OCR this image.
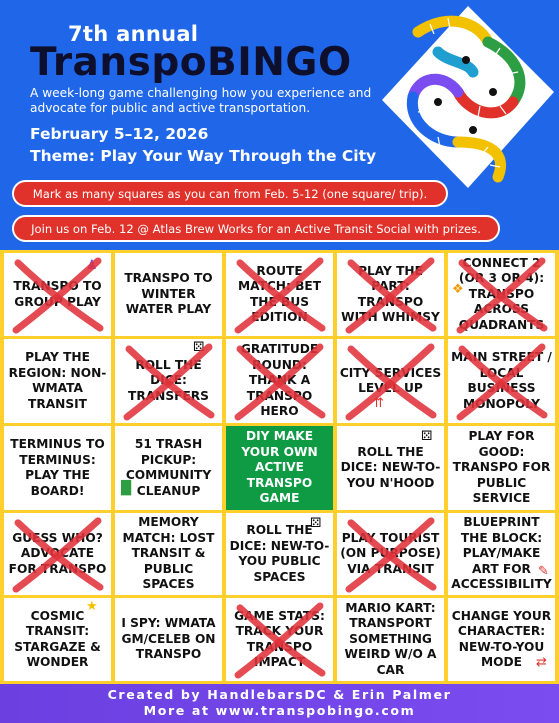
7th annual
TranspoBINGO
A week-long game challenging how you experience and advocate for public and active transportation.
February 5–12, 2026
Theme: Play Your Way Through the City
Mark as many squares as you can from Feb. 5-12 (one square/ trip).
Join us on Feb. 12 @ Atlas Brew Works for an Active Transit Social with prizes.
TRANSPO TO GROUP PLAY
♟
TRANSPO TO WINTER WATER PLAY
ROUTE MATCH: BET THE BUS EDITION
PLAY THE PART: TRANSPO WITH WHIMSY
CONNECT 2 (OR 3 OR 4): TRANSPO ACROSS QUADRANTS
❖
PLAY THE REGION: NON-WMATA TRANSIT
ROLL THE DICE: TRANSFERS
⚄	GRATITUDE ROUND: THANK A TRANSPO HERO
CITY SERVICES LEVEL UP
⇈
MAIN STREET / LOCAL BUSINESS MONOPOLY
TERMINUS TO TERMINUS: PLAY THE BOARD!
51 TRASH PICKUP: COMMUNITY CLEANUP
█
DIY MAKE YOUR OWN ACTIVE TRANSPO GAME
ROLL THE DICE: NEW-TO-YOU N'HOOD
⚄	PLAY FOR GOOD: TRANSPO FOR PUBLIC SERVICE
GUESS WHO? ADVOCATE FOR TRANSPO
MEMORY MATCH: LOST TRANSIT & PUBLIC SPACES
ROLL THE DICE: NEW-TO-YOU PUBLIC SPACES
⚄
PLAY TOURIST (ON PURPOSE) VIA TRANSIT
BLUEPRINT THE BLOCK: PLAY/MAKE ART FOR ACCESSIBILITY
✎
COSMIC TRANSIT: STARGAZE & WONDER
★
I SPY: WMATA GM/CELEB ON TRANSPO
GAME STATS: TRACK YOUR TRANSPO IMPACT
MARIO KART: TRANSPORT SOMETHING WEIRD W/O A CAR
CHANGE YOUR CHARACTER: NEW-TO-YOU MODE	⇄
Created by HandlebarsDC & Erin Palmer
More at www.transpobingo.com
